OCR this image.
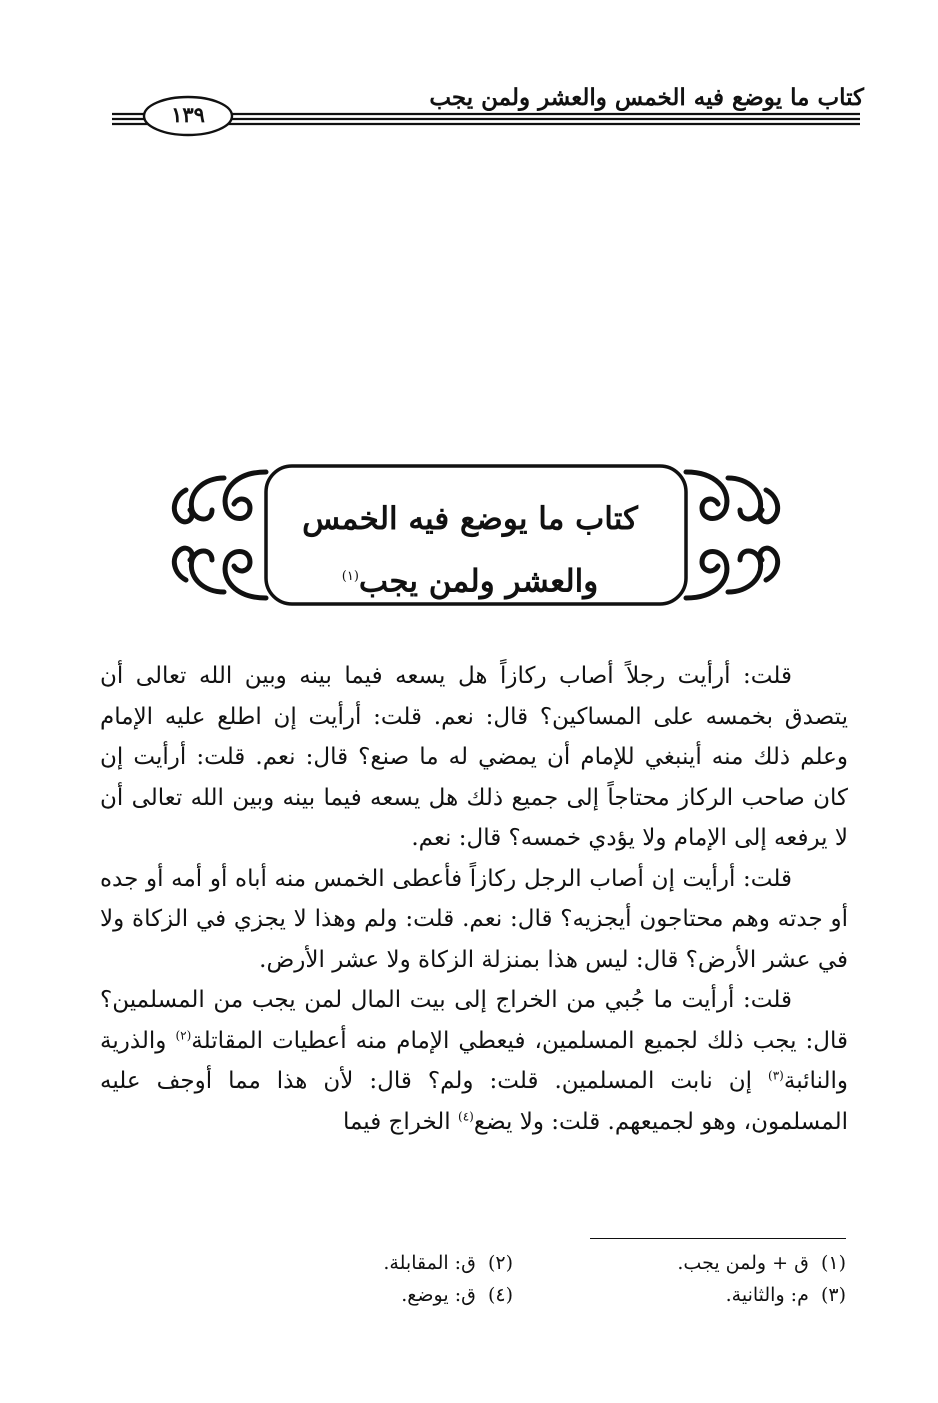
كتاب ما يوضع فيه الخمس والعشر ولمن يجب
١٣٩
كتاب ما يوضع فيه الخمس
والعشر ولمن يجب$^{(١)}$

قلت: أرأيت رجلاً أصاب ركازاً هل يسعه فيما بينه وبين الله تعالى أن يتصدق بخمسه على المساكين؟ قال: نعم. قلت: أرأيت إن اطلع عليه الإمام وعلم ذلك منه أينبغي للإمام أن يمضي له ما صنع؟ قال: نعم. قلت: أرأيت إن كان صاحب الركاز محتاجاً إلى جميع ذلك هل يسعه فيما بينه وبين الله تعالى أن لا يرفعه إلى الإمام ولا يؤدي خمسه؟ قال: نعم.

قلت: أرأيت إن أصاب الرجل ركازاً فأعطى الخمس منه أباه أو أمه أو جده أو جدته وهم محتاجون أيجزيه؟ قال: نعم. قلت: ولم وهذا لا يجزي في الزكاة ولا في عشر الأرض؟ قال: ليس هذا بمنزلة الزكاة ولا عشر الأرض.

قلت: أرأيت ما جُبي من الخراج إلى بيت المال لمن يجب من المسلمين؟ قال: يجب ذلك لجميع المسلمين، فيعطي الإمام منه أعطيات المقاتلة$^{(٢)}$ والذرية والنائبة$^{(٣)}$ إن نابت المسلمين. قلت: ولم؟ قال: لأن هذا مما أوجف عليه المسلمون، وهو لجميعهم. قلت: ولا يضع$^{(٤)}$ الخراج فيما

(١)  ق + ولمن يجب.
(٢)  ق: المقابلة.
(٣)  م: والثانية.
(٤)  ق: يوضع.
